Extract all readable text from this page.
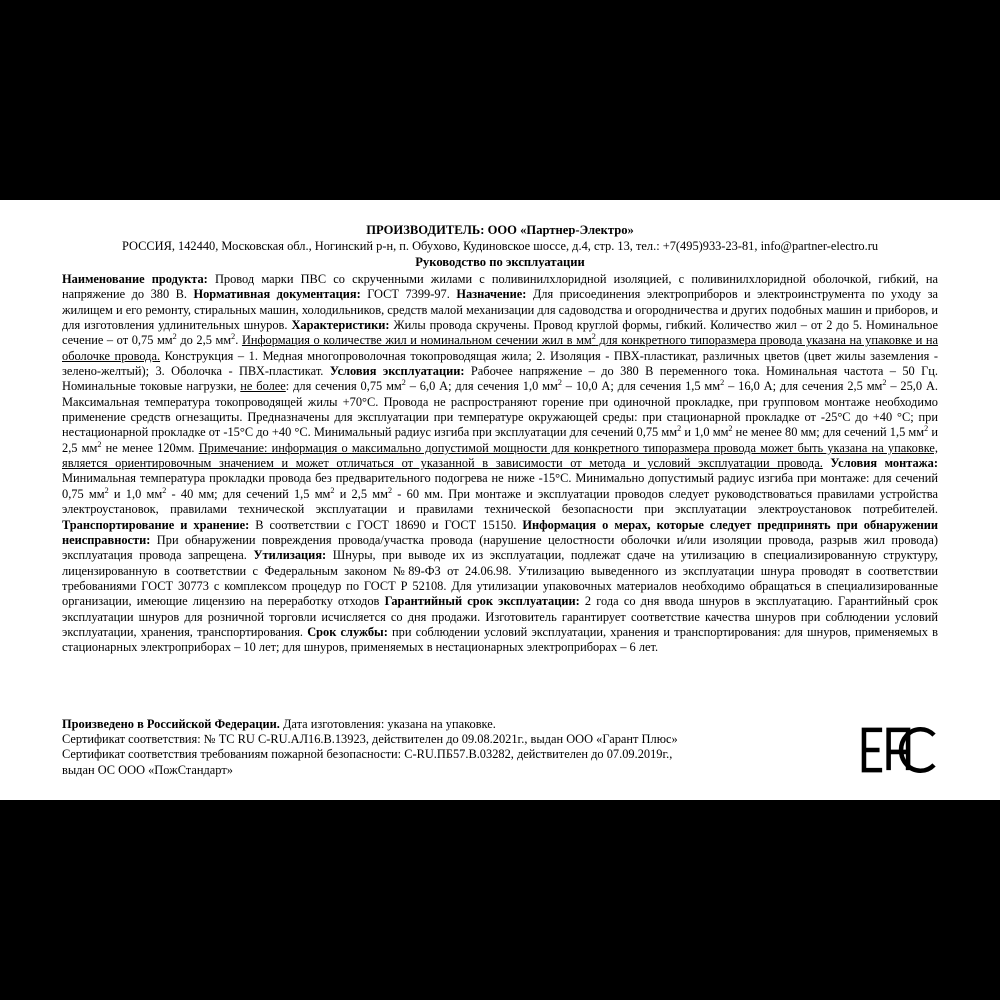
ПРОИЗВОДИТЕЛЬ: ООО «Партнер-Электро»
РОССИЯ, 142440, Московская обл., Ногинский р-н, п. Обухово, Кудиновское шоссе, д.4, стр. 13, тел.: +7(495)933-23-81, info@partner-electro.ru
Руководство по эксплуатации
Наименование продукта: Провод марки ПВС со скрученными жилами с поливинилхлоридной изоляцией, с поливинилхлоридной оболочкой, гибкий, на напряжение до 380 В. Нормативная документация: ГОСТ 7399-97. Назначение: Для присоединения электроприборов и электроинструмента по уходу за жилищем и его ремонту, стиральных машин, холодильников, средств малой механизации для садоводства и огородничества и других подобных машин и приборов, и для изготовления удлинительных шнуров. Характеристики: Жилы провода скручены. Провод круглой формы, гибкий. Количество жил – от 2 до 5. Номинальное сечение – от 0,75 $мм^2$ до 2,5 $мм^2$. Информация о количестве жил и номинальном сечении жил в $мм^2$ для конкретного типоразмера провода указана на упаковке и на оболочке провода. Конструкция – 1. Медная многопроволочная токопроводящая жила; 2. Изоляция - ПВХ-пластикат, различных цветов (цвет жилы заземления - зелено-желтый); 3. Оболочка - ПВХ-пластикат. Условия эксплуатации: Рабочее напряжение – до 380 В переменного тока. Номинальная частота – 50 Гц. Номинальные токовые нагрузки, не более: для сечения 0,75 $мм^2 - 6,0$ А; для сечения 1,0 $мм^2 - 10,0$ А; для сечения 1,5 $мм^2 - 16,0$ А; для сечения 2,5 $мм^2 - 25,0$ А. Максимальная температура токопроводящей жилы +70°С. Провода не распространяют горение при одиночной прокладке, при групповом монтаже необходимо применение средств огнезащиты. Предназначены для эксплуатации при температуре окружающей среды: при стационарной прокладке от -25°С до +40 °С; при нестационарной прокладке от -15°С до +40 °С. Минимальный радиус изгиба при эксплуатации для сечений 0,75 $мм^2$ и 1,0 $мм^2$ не менее 80 мм; для сечений 1,5 $мм^2$ и 2,5 $мм^2$ не менее 120мм. Примечание: информация о максимально допустимой мощности для конкретного типоразмера провода может быть указана на упаковке, является ориентировочным значением и может отличаться от указанной в зависимости от метода и условий эксплуатации провода. Условия монтажа: Минимальная температура прокладки провода без предварительного подогрева не ниже -15°С. Минимально допустимый радиус изгиба при монтаже: для сечений 0,75 $мм^2$ и 1,0 $мм^2 - 40$ мм; для сечений 1,5 $мм^2$ и 2,5 $мм^2 - 60$ мм. При монтаже и эксплуатации проводов следует руководствоваться правилами устройства электроустановок, правилами технической эксплуатации и правилами технической безопасности при эксплуатации электроустановок потребителей. Транспортирование и хранение: В соответствии с ГОСТ 18690 и ГОСТ 15150. Информация о мерах, которые следует предпринять при обнаружении неисправности: При обнаружении повреждения провода/участка провода (нарушение целостности оболочки и/или изоляции провода, разрыв жил провода) эксплуатация провода запрещена. Утилизация: Шнуры, при выводе их из эксплуатации, подлежат сдаче на утилизацию в специализированную структуру, лицензированную в соответствии с Федеральным законом №89-ФЗ от 24.06.98. Утилизацию выведенного из эксплуатации шнура проводят в соответствии требованиями ГОСТ 30773 с комплексом процедур по ГОСТ Р 52108. Для утилизации упаковочных материалов необходимо обращаться в специализированные организации, имеющие лицензию на переработку отходов Гарантийный срок эксплуатации: 2 года со дня ввода шнуров в эксплуатацию. Гарантийный срок эксплуатации шнуров для розничной торговли исчисляется со дня продажи. Изготовитель гарантирует соответствие качества шнуров при соблюдении условий эксплуатации, хранения, транспортирования. Срок службы: при соблюдении условий эксплуатации, хранения и транспортирования: для шнуров, применяемых в стационарных электроприборах – 10 лет; для шнуров, применяемых в нестационарных электроприборах – 6 лет.
Произведено в Российской Федерации. Дата изготовления: указана на упаковке.
Сертификат соответствия: № ТС RU C-RU.АЛ16.В.13923, действителен до 09.08.2021г., выдан ООО «Гарант Плюс»
Сертификат соответствия требованиям пожарной безопасности: C-RU.ПБ57.В.03282, действителен до 07.09.2019г.,
выдан ОС ООО «ПожСтандарт»
